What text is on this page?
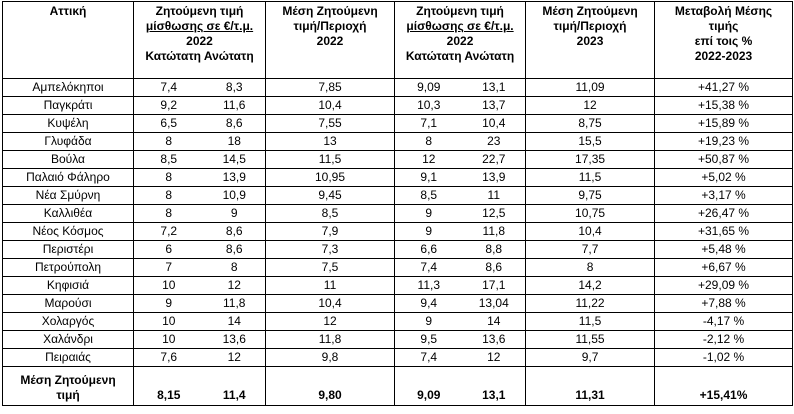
Αττική	Ζητούμενη τιμή
μίσθωσης σε €/τ.μ.
2022
Κατώτατη Ανώτατη		Μέση Ζητούμενη
τιμή/Περιοχή
2022	Ζητούμενη τιμή
μίσθωσης σε €/τ.μ.
2022
Κατώτατη Ανώτατη		Μέση Ζητούμενη
τιμή/Περιοχή
2023	Μεταβολή Μέσης
τιμής
επί τοις %
2022-2023
Αμπελόκηποι	7,4	8,3	7,85	9,09	13,1	11,09	+41,27 %
Παγκράτι	9,2	11,6	10,4	10,3	13,7	12	+15,38 %
Κυψέλη	6,5	8,6	7,55	7,1	10,4	8,75	+15,89 %
Γλυφάδα	8	18	13	8	23	15,5	+19,23 %
Βούλα	8,5	14,5	11,5	12	22,7	17,35	+50,87 %
Παλαιό Φάληρο	8	13,9	10,95	9,1	13,9	11,5	+5,02 %
Νέα Σμύρνη	8	10,9	9,45	8,5	11	9,75	+3,17 %
Καλλιθέα	8	9	8,5	9	12,5	10,75	+26,47 %
Νέος Κόσμος	7,2	8,6	7,9	9	11,8	10,4	+31,65 %
Περιστέρι	6	8,6	7,3	6,6	8,8	7,7	+5,48 %
Πετρούπολη	7	8	7,5	7,4	8,6	8	+6,67 %
Κηφισιά	10	12	11	11,3	17,1	14,2	+29,09 %
Μαρούσι	9	11,8	10,4	9,4	13,04	11,22	+7,88 %
Χολαργός	10	14	12	9	14	11,5	-4,17 %
Χαλάνδρι	10	13,6	11,8	9,5	13,6	11,55	-2,12 %
Πειραιάς	7,6	12	9,8	7,4	12	9,7	-1,02 %
Μέση Ζητούμενη
τιμή	8,15	11,4	9,80	9,09	13,1	11,31	+15,41%
